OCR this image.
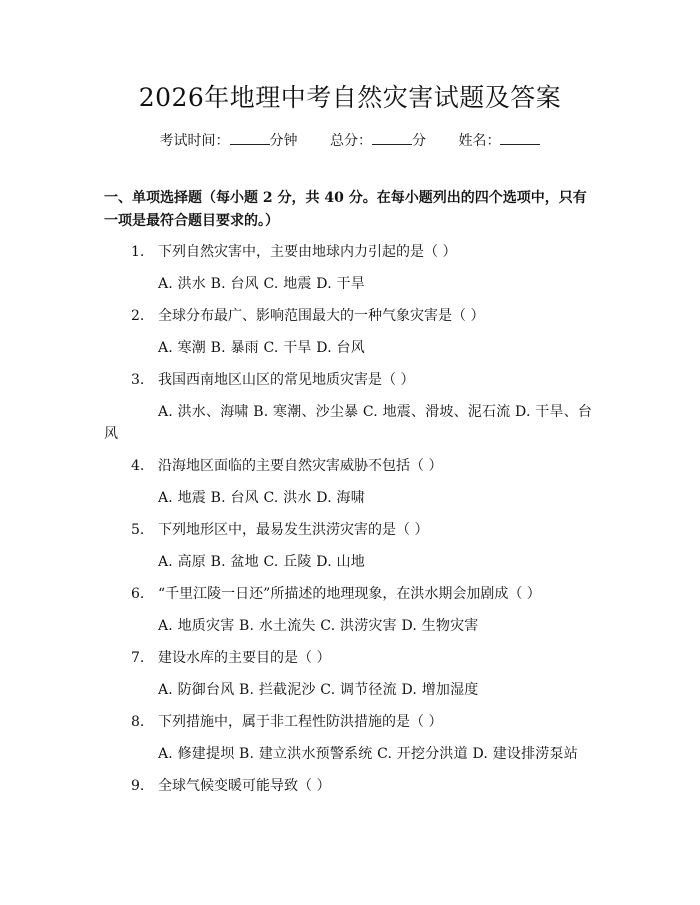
2026年地理中考自然灾害试题及答案
考试时间：	分钟 总分：	分 姓名：
一、单项选择题（每小题 2 分，共 40 分。在每小题列出的四个选项中，只有一项是最符合题目要求的。）
1. 下列自然灾害中，主要由地球内力引起的是（ ）
A. 洪水 B. 台风 C. 地震 D. 干旱
2. 全球分布最广、影响范围最大的一种气象灾害是（ ）
A. 寒潮 B. 暴雨 C. 干旱 D. 台风
3. 我国西南地区山区的常见地质灾害是（ ）
A. 洪水、海啸 B. 寒潮、沙尘暴 C. 地震、滑坡、泥石流 D. 干旱、台风
4. 沿海地区面临的主要自然灾害威胁不包括（ ）
A. 地震 B. 台风 C. 洪水 D. 海啸
5. 下列地形区中，最易发生洪涝灾害的是（ ）
A. 高原 B. 盆地 C. 丘陵 D. 山地
6. “千里江陵一日还”所描述的地理现象，在洪水期会加剧成（ ）
A. 地质灾害 B. 水土流失 C. 洪涝灾害 D. 生物灾害
7. 建设水库的主要目的是（ ）
A. 防御台风 B. 拦截泥沙 C. 调节径流 D. 增加湿度
8. 下列措施中，属于非工程性防洪措施的是（ ）
A. 修建提坝 B. 建立洪水预警系统 C. 开挖分洪道 D. 建设排涝泵站
9. 全球气候变暖可能导致（ ）
